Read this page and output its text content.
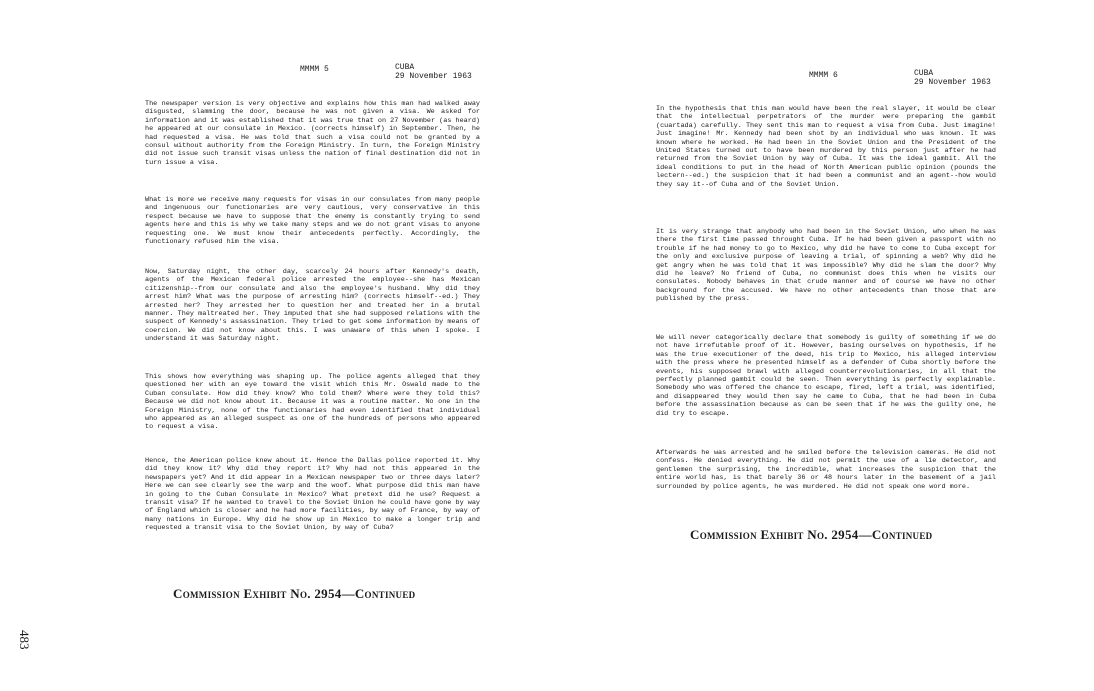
MMMM 5	CUBA
29 November 1963

The newspaper version is very objective and explains how this man had walked away disgusted, slamming the door, because he was not given a visa. We asked for information and it was established that it was true that on 27 November (as heard) he appeared at our consulate in Mexico. (corrects himself) in September. Then, he had requested a visa. He was told that such a visa could not be granted by a consul without authority from the Foreign Ministry. In turn, the Foreign Ministry did not issue such transit visas unless the nation of final destination did not in turn issue a visa.

What is more we receive many requests for visas in our consulates from many people and ingenuous our functionaries are very cautious, very conservative in this respect because we have to suppose that the enemy is constantly trying to send agents here and this is why we take many steps and we do not grant visas to anyone requesting one. We must know their antecedents perfectly. Accordingly, the functionary refused him the visa.

Now, Saturday night, the other day, scarcely 24 hours after Kennedy's death, agents of the Mexican federal police arrested the employee--she has Mexican citizenship--from our consulate and also the employee's husband. Why did they arrest him? What was the purpose of arresting him? (corrects himself--ed.) They arrested her? They arrested her to question her and treated her in a brutal manner. They maltreated her. They imputed that she had supposed relations with the suspect of Kennedy's assassination. They tried to get some information by means of coercion. We did not know about this. I was unaware of this when I spoke. I understand it was Saturday night.

This shows how everything was shaping up. The police agents alleged that they questioned her with an eye toward the visit which this Mr. Oswald made to the Cuban consulate. How did they know? Who told them? Where were they told this? Because we did not know about it. Because it was a routine matter. No one in the Foreign Ministry, none of the functionaries had even identified that individual who appeared as an alleged suspect as one of the hundreds of persons who appeared to request a visa.

Hence, the American police knew about it. Hence the Dallas police reported it. Why did they know it? Why did they report it? Why had not this appeared in the newspapers yet? And it did appear in a Mexican newspaper two or three days later? Here we can see clearly see the warp and the woof. What purpose did this man have in going to the Cuban Consulate in Mexico? What pretext did he use? Request a transit visa? If he wanted to travel to the Soviet Union he could have gone by way of England which is closer and he had more facilities, by way of France, by way of many nations in Europe. Why did he show up in Mexico to make a longer trip and requested a transit visa to the Soviet Union, by way of Cuba?

Commission Exhibit No. 2954—Continued
MMMM 6	CUBA
29 November 1963

In the hypothesis that this man would have been the real slayer, it would be clear that the intellectual perpetrators of the murder were preparing the gambit (cuartada) carefully. They sent this man to request a visa from Cuba. Just imagine! Just imagine! Mr. Kennedy had been shot by an individual who was known. It was known where he worked. He had been in the Soviet Union and the President of the United States turned out to have been murdered by this person just after he had returned from the Soviet Union by way of Cuba. It was the ideal gambit. All the ideal conditions to put in the head of North American public opinion (pounds the lectern--ed.) the suspicion that it had been a communist and an agent--how would they say it--of Cuba and of the Soviet Union.

It is very strange that anybody who had been in the Soviet Union, who when he was there the first time passed throught Cuba. If he had been given a passport with no trouble if he had money to go to Mexico, why did he have to come to Cuba except for the only and exclusive purpose of leaving a trial, of spinning a web? Why did he get angry when he was told that it was impossible? Why did he slam the door? Why did he leave? No friend of Cuba, no communist does this when he visits our consulates. Nobody behaves in that crude manner and of course we have no other background for the accused. We have no other antecedents than those that are published by the press.

We will never categorically declare that somebody is guilty of something if we do not have irrefutable proof of it. However, basing ourselves on hypothesis, if he was the true executioner of the deed, his trip to Mexico, his alleged interview with the press where he presented himself as a defender of Cuba shortly before the events, his supposed brawl with alleged counterrevolutionaries, in all that the perfectly planned gambit could be seen. Then everything is perfectly explainable. Somebody who was offered the chance to escape, fired, left a trial, was identified, and disappeared they would then say he came to Cuba, that he had been in Cuba before the assassination because as can be seen that if he was the guilty one, he did try to escape.

Afterwards he was arrested and he smiled before the television cameras. He did not confess. He denied everything. He did not permit the use of a lie detector, and gentlemen the surprising, the incredible, what increases the suspicion that the entire world has, is that barely 36 or 48 hours later in the basement of a jail surrounded by police agents, he was murdered. He did not speak one word more.

Commission Exhibit No. 2954—Continued
483
